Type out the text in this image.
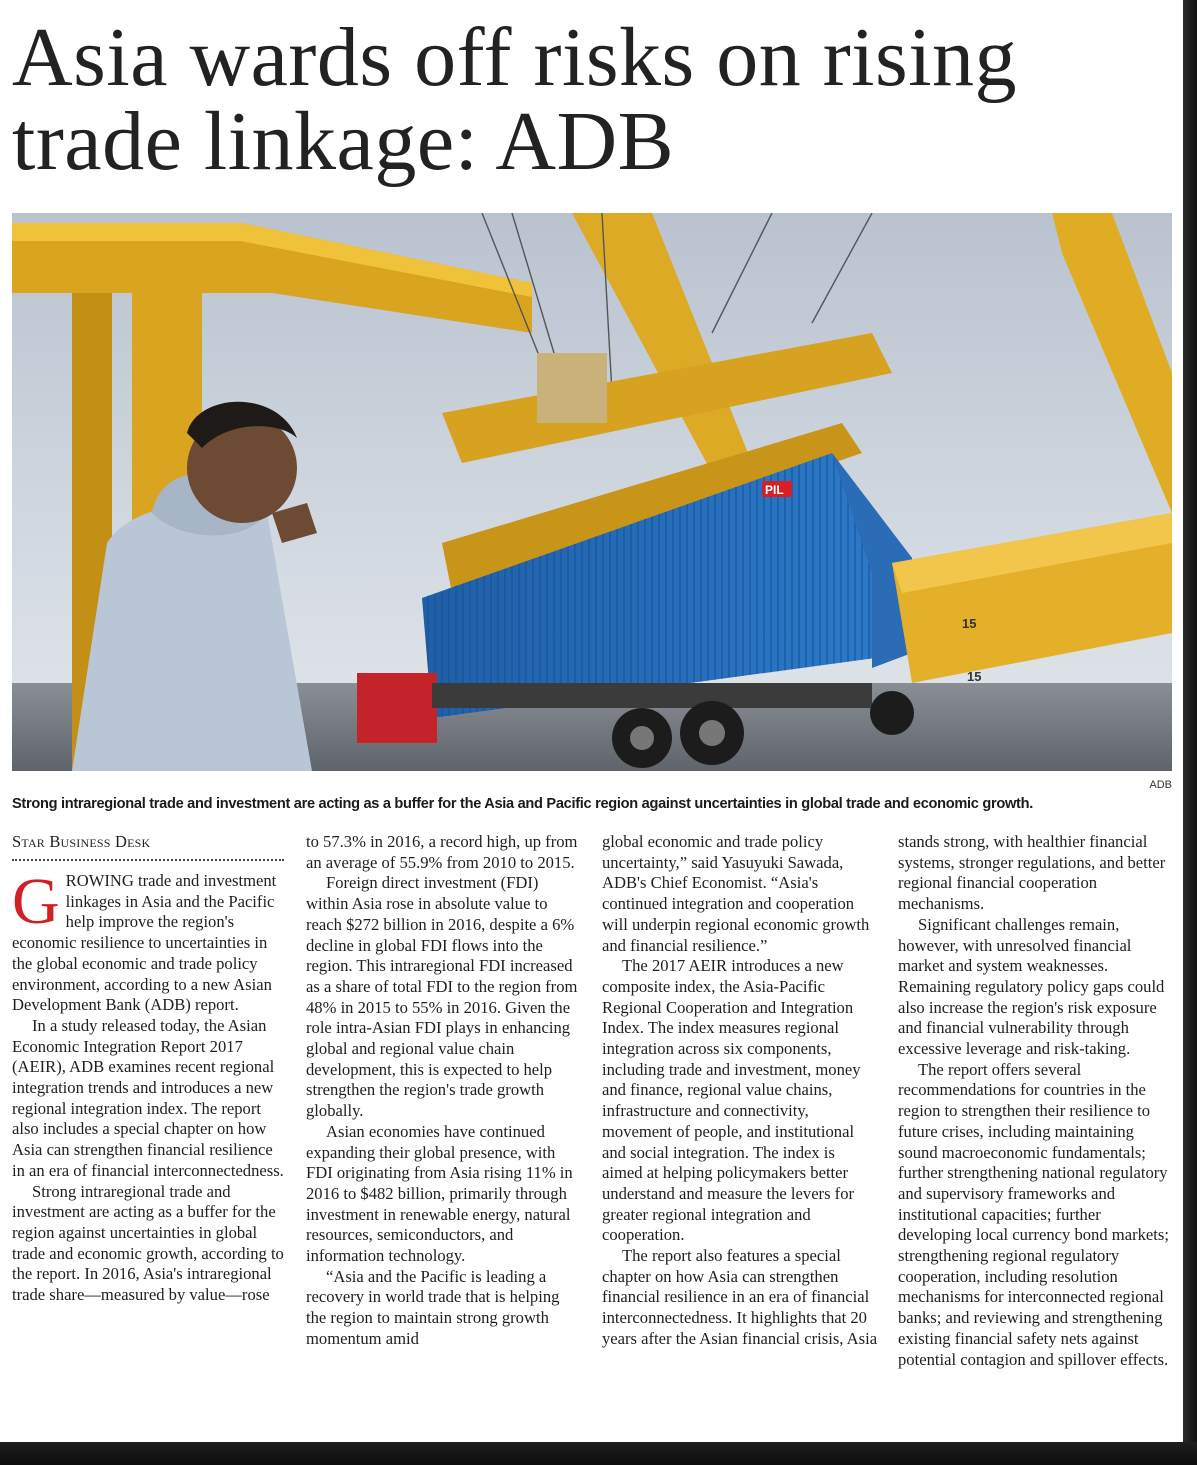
Asia wards off risks on rising trade linkage: ADB
PIL
15
15
ADB
Strong intraregional trade and investment are acting as a buffer for the Asia and Pacific region against uncertainties in global trade and economic growth.
Star Business Desk
G ROWING trade and investment linkages in Asia and the Pacific help improve the region's economic resilience to uncertainties in the global economic and trade policy environment, according to a new Asian Development Bank (ADB) report.

In a study released today, the Asian Economic Integration Report 2017 (AEIR), ADB examines recent regional integration trends and introduces a new regional integration index. The report also includes a special chapter on how Asia can strengthen financial resilience in an era of financial interconnectedness.

Strong intraregional trade and investment are acting as a buffer for the region against uncertainties in global trade and economic growth, according to the report. In 2016, Asia's intraregional trade share—measured by value—rose

to 57.3% in 2016, a record high, up from an average of 55.9% from 2010 to 2015.

Foreign direct investment (FDI) within Asia rose in absolute value to reach $272 billion in 2016, despite a 6% decline in global FDI flows into the region. This intraregional FDI increased as a share of total FDI to the region from 48% in 2015 to 55% in 2016. Given the role intra-Asian FDI plays in enhancing global and regional value chain development, this is expected to help strengthen the region's trade growth globally.

Asian economies have continued expanding their global presence, with FDI originating from Asia rising 11% in 2016 to $482 billion, primarily through investment in renewable energy, natural resources, semiconductors, and information technology.

“Asia and the Pacific is leading a recovery in world trade that is helping the region to maintain strong growth momentum amid

global economic and trade policy uncertainty,” said Yasuyuki Sawada, ADB's Chief Economist. “Asia's continued integration and cooperation will underpin regional economic growth and financial resilience.”

The 2017 AEIR introduces a new composite index, the Asia-Pacific Regional Cooperation and Integration Index. The index measures regional integration across six components, including trade and investment, money and finance, regional value chains, infrastructure and connectivity, movement of people, and institutional and social integration. The index is aimed at helping policymakers better understand and measure the levers for greater regional integration and cooperation.

The report also features a special chapter on how Asia can strengthen financial resilience in an era of financial interconnectedness. It highlights that 20 years after the Asian financial crisis, Asia

stands strong, with healthier financial systems, stronger regulations, and better regional financial cooperation mechanisms.

Significant challenges remain, however, with unresolved financial market and system weaknesses. Remaining regulatory policy gaps could also increase the region's risk exposure and financial vulnerability through excessive leverage and risk-taking.

The report offers several recommendations for countries in the region to strengthen their resilience to future crises, including maintaining sound macroeconomic fundamentals; further strengthening national regulatory and supervisory frameworks and institutional capacities; further developing local currency bond markets; strengthening regional regulatory cooperation, including resolution mechanisms for interconnected regional banks; and reviewing and strengthening existing financial safety nets against potential contagion and spillover effects.
